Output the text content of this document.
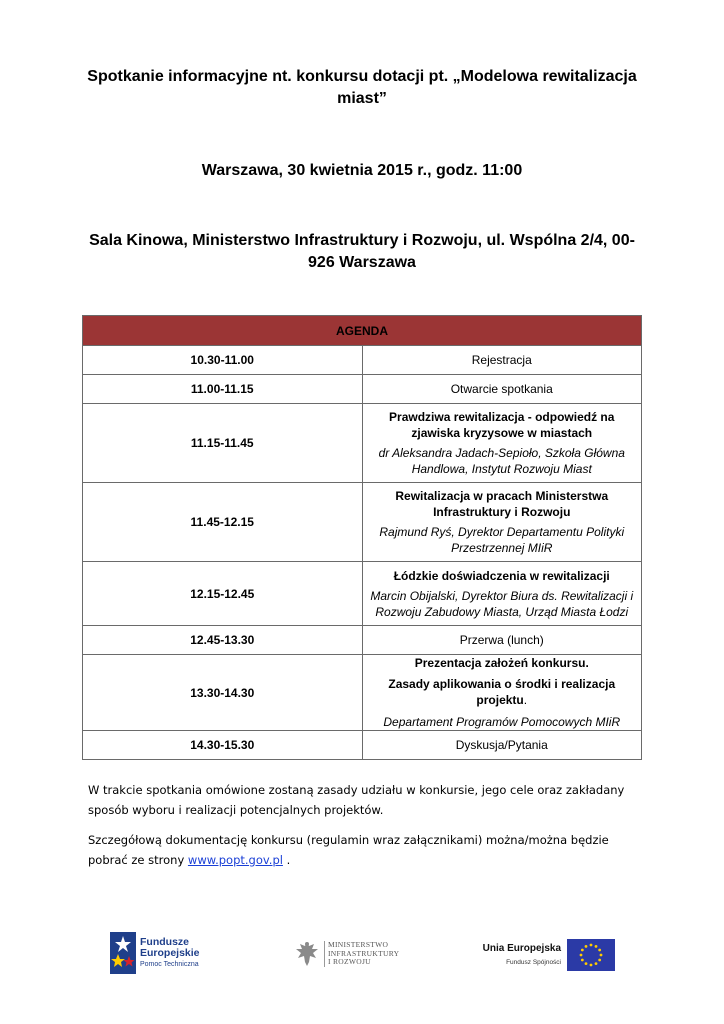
Spotkanie informacyjne nt. konkursu dotacji pt. „Modelowa rewitalizacja miast”

Warszawa, 30 kwietnia 2015 r., godz. 11:00

Sala Kinowa, Ministerstwo Infrastruktury i Rozwoju, ul. Wspólna 2/4, 00-926 Warszawa

AGENDA	
10.30-11.00	Rejestracja

11.00-11.15	Otwarcie spotkania

11.15-11.45	Prawdziwa rewitalizacja - odpowiedź na zjawiska kryzysowe w miastach
dr Aleksandra Jadach-Sepioło, Szkoła Główna Handlowa, Instytut Rozwoju Miast

11.45-12.15	Rewitalizacja w pracach Ministerstwa Infrastruktury i Rozwoju
Rajmund Ryś, Dyrektor Departamentu Polityki Przestrzennej MIiR

12.15-12.45	Łódzkie doświadczenia w rewitalizacji
Marcin Obijalski, Dyrektor Biura ds. Rewitalizacji i Rozwoju Zabudowy Miasta, Urząd Miasta Łodzi

12.45-13.30	Przerwa (lunch)

13.30-14.30	Prezentacja założeń konkursu.
Zasady aplikowania o środki i realizacja projektu.
Departament Programów Pomocowych MIiR

14.30-15.30	Dyskusja/Pytania

W trakcie spotkania omówione zostaną zasady udziału w konkursie, jego cele oraz zakładany sposób wyboru i realizacji potencjalnych projektów.

Szczegółową dokumentację konkursu (regulamin wraz załącznikami) można/można będzie pobrać ze strony www.popt.gov.pl .

Fundusze
Europejskie
Pomoc Techniczna
MINISTERSTWO
INFRASTRUKTURY
I ROZWOJU
Unia Europejska
Fundusz Spójności
